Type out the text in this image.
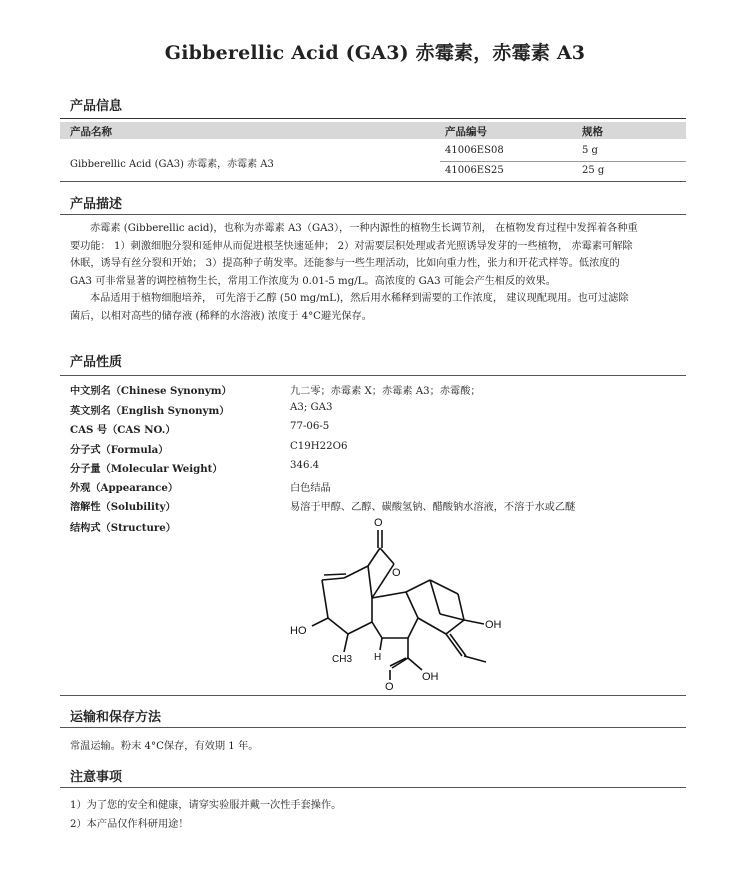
Gibberellic Acid (GA3) 赤霉素，赤霉素 A3
产品信息
产品名称	产品编号	规格
Gibberellic Acid (GA3) 赤霉素，赤霉素 A3
41006ES08	5 g
41006ES25	25 g
产品描述
赤霉素 (Gibberellic acid)，也称为赤霉素 A3（GA3），一种内源性的植物生长调节剂， 在植物发育过程中发挥着各种重
要功能： 1）刺激细胞分裂和延伸从而促进根茎快速延伸； 2）对需要层积处理或者光照诱导发芽的一些植物， 赤霉素可解除
休眠，诱导有丝分裂和开始； 3）提高种子萌发率。还能参与一些生理活动，比如向重力性，张力和开花式样等。低浓度的
GA3 可非常显著的调控植物生长，常用工作浓度为 0.01-5 mg/L。高浓度的 GA3 可能会产生相反的效果。
本品适用于植物细胞培养， 可先溶于乙醇 (50 mg/mL)，然后用水稀释到需要的工作浓度， 建议现配现用。也可过滤除
菌后，以相对高些的储存液 (稀释的水溶液) 浓度于 4°C避光保存。
产品性质
中文别名（Chinese Synonym）	九二零；赤霉素 X；赤霉素 A3；赤霉酸；
英文别名（English Synonym）	A3; GA3
CAS 号（CAS NO.）	77-06-5
分子式（Formula）	C19H22O6
分子量（Molecular Weight）	346.4
外观（Appearance）	白色结晶
溶解性（Solubility）	易溶于甲醇、乙醇、碳酸氢钠、醋酸钠水溶液，不溶于水或乙醚
结构式（Structure）	O
O
HO
CH3 H
OH
O
OH
运输和保存方法
常温运输。粉末 4°C保存，有效期 1 年。
注意事项
1）为了您的安全和健康，请穿实验服并戴一次性手套操作。
2）本产品仅作科研用途！
